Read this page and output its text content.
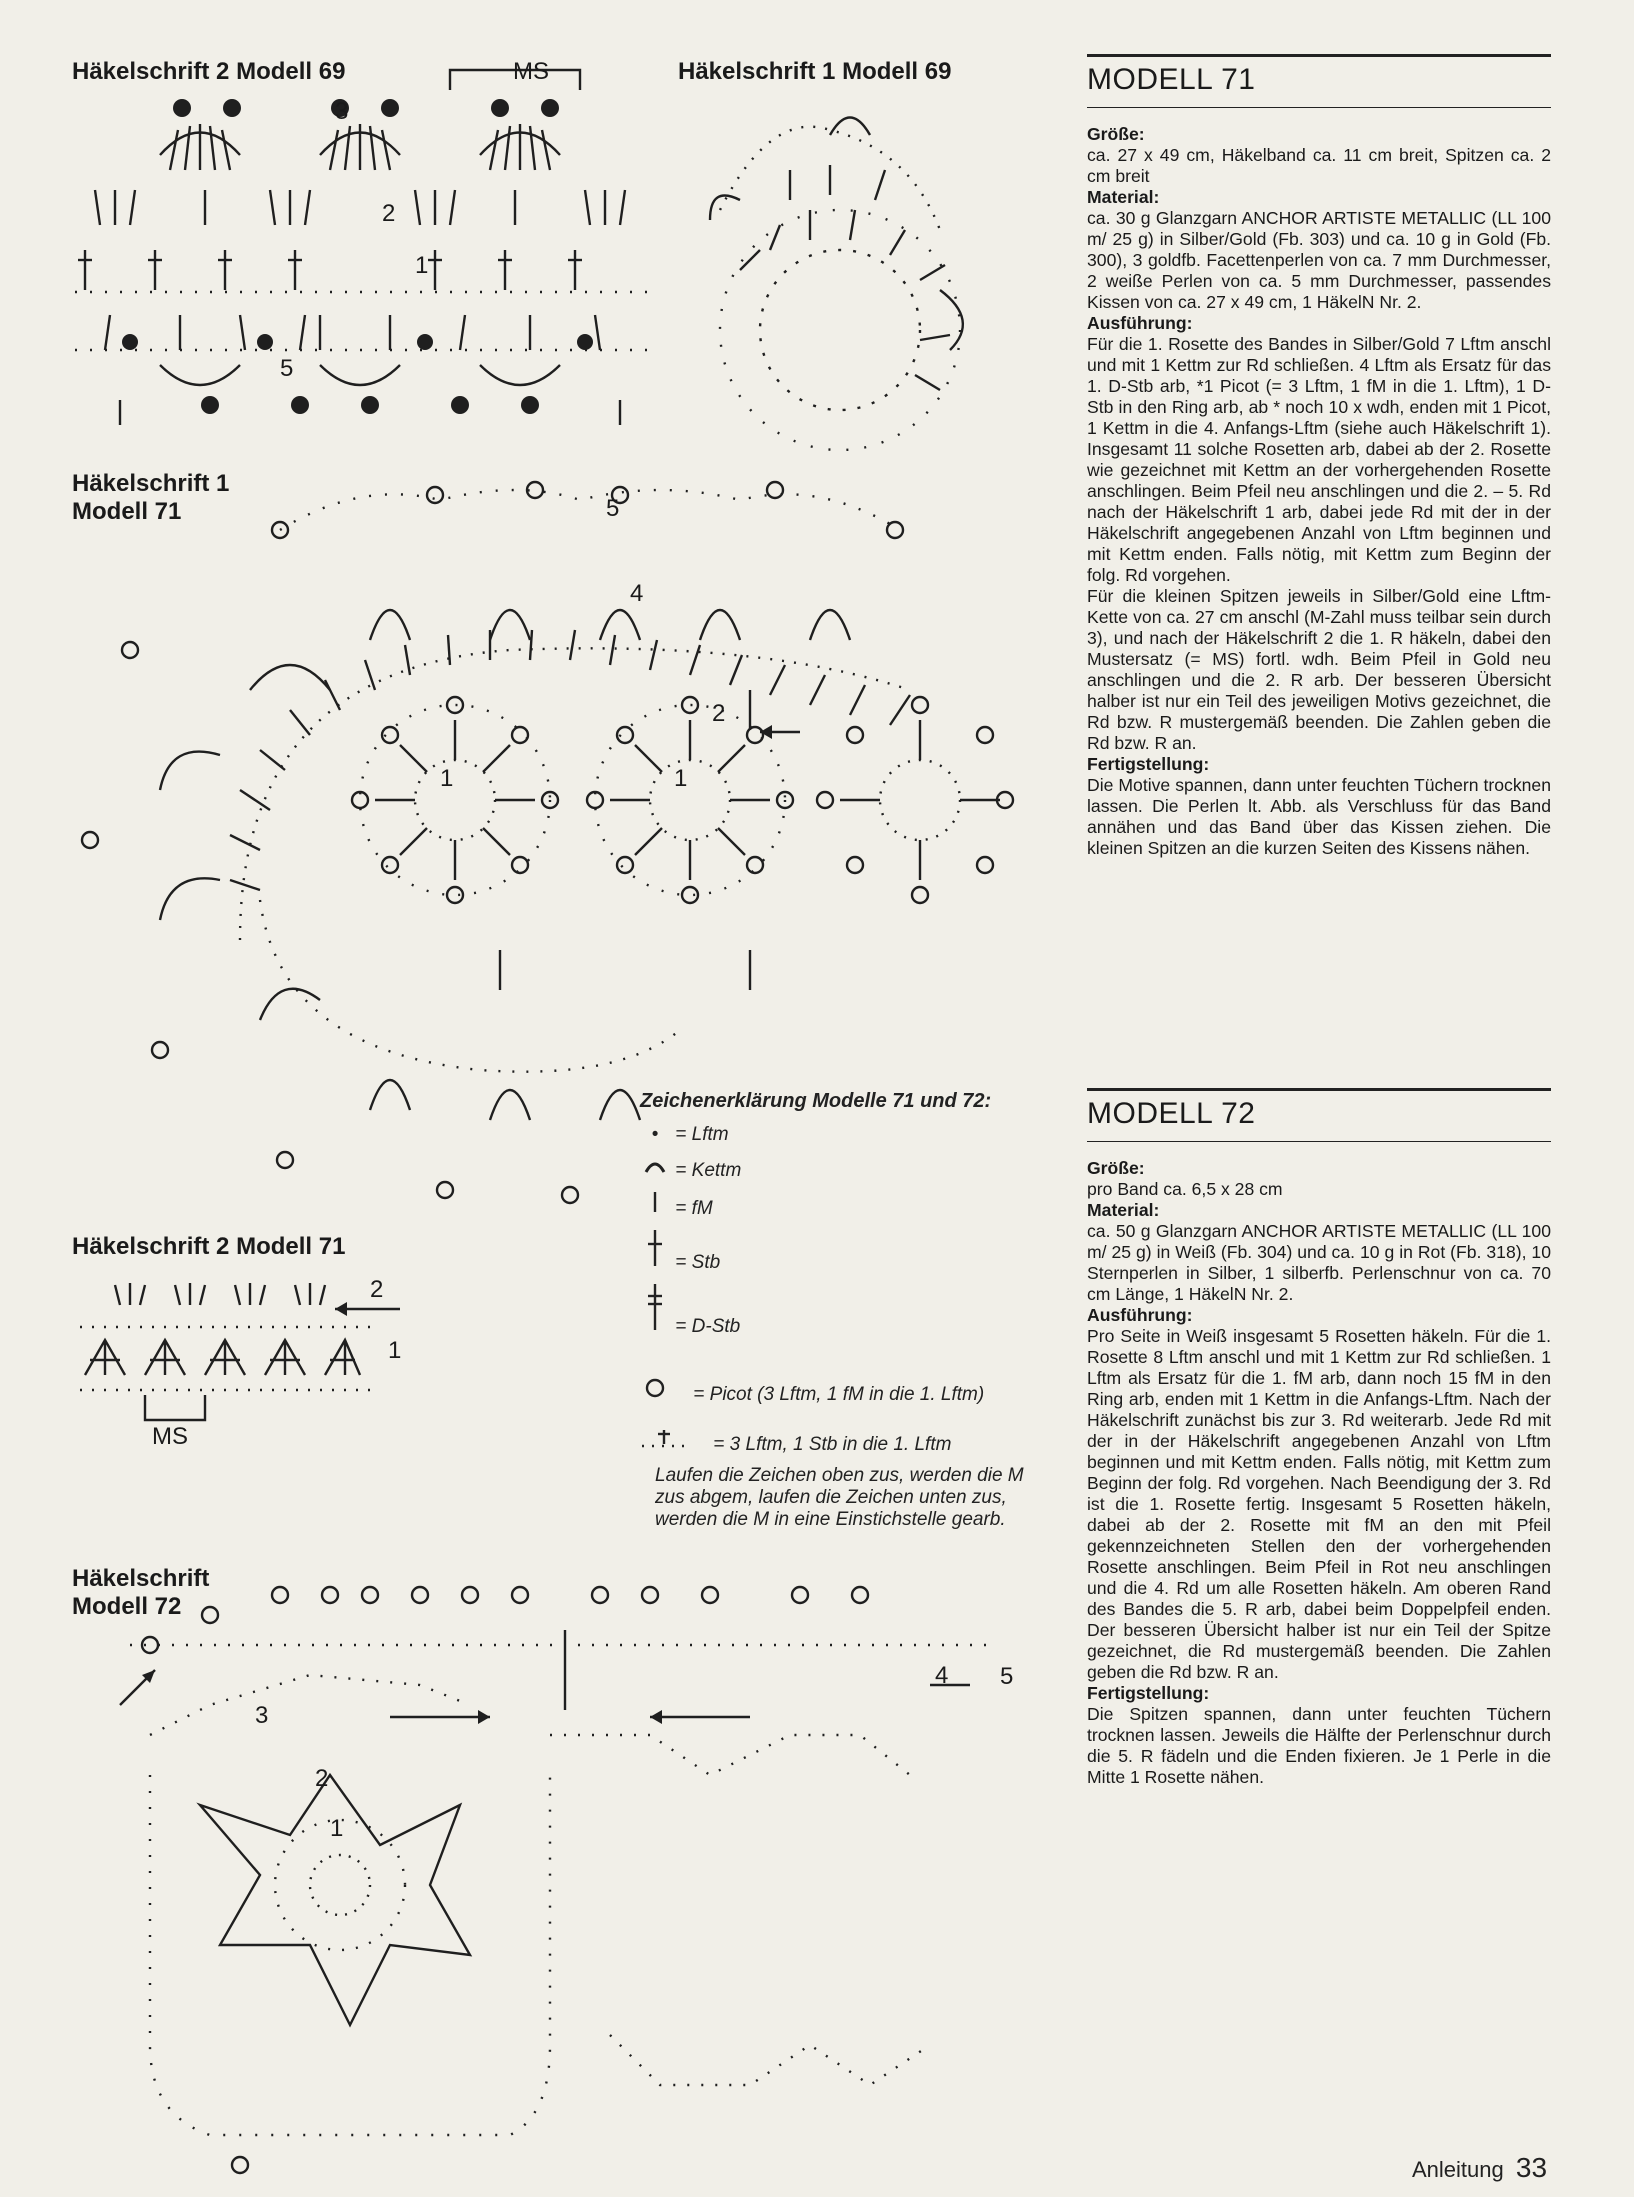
Häkelschrift 2 Modell 69	Häkelschrift 1 Modell 69
Häkelschrift 1
Modell 71
Häkelschrift 2 Modell 71
Häkelschrift
Modell 72
MS
3
2
1
5
5
4
2
1	1
2
1
MS
3
2
1
4 5
Zeichenerklärung Modelle 71 und 72:
• = Lftm
= Kettm
= fM
= Stb
= D-Stb
= Picot (3 Lftm, 1 fM in die 1. Lftm)
= 3 Lftm, 1 Stb in die 1. Lftm
Laufen die Zeichen oben zus, werden die M zus abgem, laufen die Zeichen unten zus, werden die M in eine Einstichstelle gearb.
MODELL 71
Größe:

ca. 27 x 49 cm, Häkelband ca. 11 cm breit, Spitzen ca. 2 cm breit

Material:

ca. 30 g Glanzgarn ANCHOR ARTISTE METALLIC (LL 100 m/ 25 g) in Silber/Gold (Fb. 303) und ca. 10 g in Gold (Fb. 300), 3 goldfb. Facettenperlen von ca. 7 mm Durchmesser, 2 weiße Perlen von ca. 5 mm Durchmesser, passendes Kissen von ca. 27 x 49 cm, 1 HäkelN Nr. 2.

Ausführung:

Für die 1. Rosette des Bandes in Silber/Gold 7 Lftm anschl und mit 1 Kettm zur Rd schließen. 4 Lftm als Ersatz für das 1. D-Stb arb, *1 Picot (= 3 Lftm, 1 fM in die 1. Lftm), 1 D-Stb in den Ring arb, ab * noch 10 x wdh, enden mit 1 Picot, 1 Kettm in die 4. Anfangs-Lftm (siehe auch Häkelschrift 1). Insgesamt 11 solche Rosetten arb, dabei ab der 2. Rosette wie gezeichnet mit Kettm an der vorhergehenden Rosette anschlingen. Beim Pfeil neu anschlingen und die 2. – 5. Rd nach der Häkelschrift 1 arb, dabei jede Rd mit der in der Häkelschrift angegebenen Anzahl von Lftm beginnen und mit Kettm enden. Falls nötig, mit Kettm zum Beginn der folg. Rd vorgehen.

Für die kleinen Spitzen jeweils in Silber/Gold eine Lftm-Kette von ca. 27 cm anschl (M-Zahl muss teilbar sein durch 3), und nach der Häkelschrift 2 die 1. R häkeln, dabei den Mustersatz (= MS) fortl. wdh. Beim Pfeil in Gold neu anschlingen und die 2. R arb. Der besseren Übersicht halber ist nur ein Teil des jeweiligen Motivs gezeichnet, die Rd bzw. R mustergemäß beenden. Die Zahlen geben die Rd bzw. R an.

Fertigstellung:

Die Motive spannen, dann unter feuchten Tüchern trocknen lassen. Die Perlen lt. Abb. als Verschluss für das Band annähen und das Band über das Kissen ziehen. Die kleinen Spitzen an die kurzen Seiten des Kissens nähen.

MODELL 72
Größe:

pro Band ca. 6,5 x 28 cm

Material:

ca. 50 g Glanzgarn ANCHOR ARTISTE METALLIC (LL 100 m/ 25 g) in Weiß (Fb. 304) und ca. 10 g in Rot (Fb. 318), 10 Sternperlen in Silber, 1 silberfb. Perlenschnur von ca. 70 cm Länge, 1 HäkelN Nr. 2.

Ausführung:

Pro Seite in Weiß insgesamt 5 Rosetten häkeln. Für die 1. Rosette 8 Lftm anschl und mit 1 Kettm zur Rd schließen. 1 Lftm als Ersatz für die 1. fM arb, dann noch 15 fM in den Ring arb, enden mit 1 Kettm in die Anfangs-Lftm. Nach der Häkelschrift zunächst bis zur 3. Rd weiterarb. Jede Rd mit der in der Häkelschrift angegebenen Anzahl von Lftm beginnen und mit Kettm enden. Falls nötig, mit Kettm zum Beginn der folg. Rd vorgehen. Nach Beendigung der 3. Rd ist die 1. Rosette fertig. Insgesamt 5 Rosetten häkeln, dabei ab der 2. Rosette mit fM an den mit Pfeil gekennzeichneten Stellen den der vorhergehenden Rosette anschlingen. Beim Pfeil in Rot neu anschlingen und die 4. Rd um alle Rosetten häkeln. Am oberen Rand des Bandes die 5. R arb, dabei beim Doppelpfeil enden. Der besseren Übersicht halber ist nur ein Teil der Spitze gezeichnet, die Rd mustergemäß beenden. Die Zahlen geben die Rd bzw. R an.

Fertigstellung:

Die Spitzen spannen, dann unter feuchten Tüchern trocknen lassen. Jeweils die Hälfte der Perlenschnur durch die 5. R fädeln und die Enden fixieren. Je 1 Perle in die Mitte 1 Rosette nähen.

Anleitung 33
